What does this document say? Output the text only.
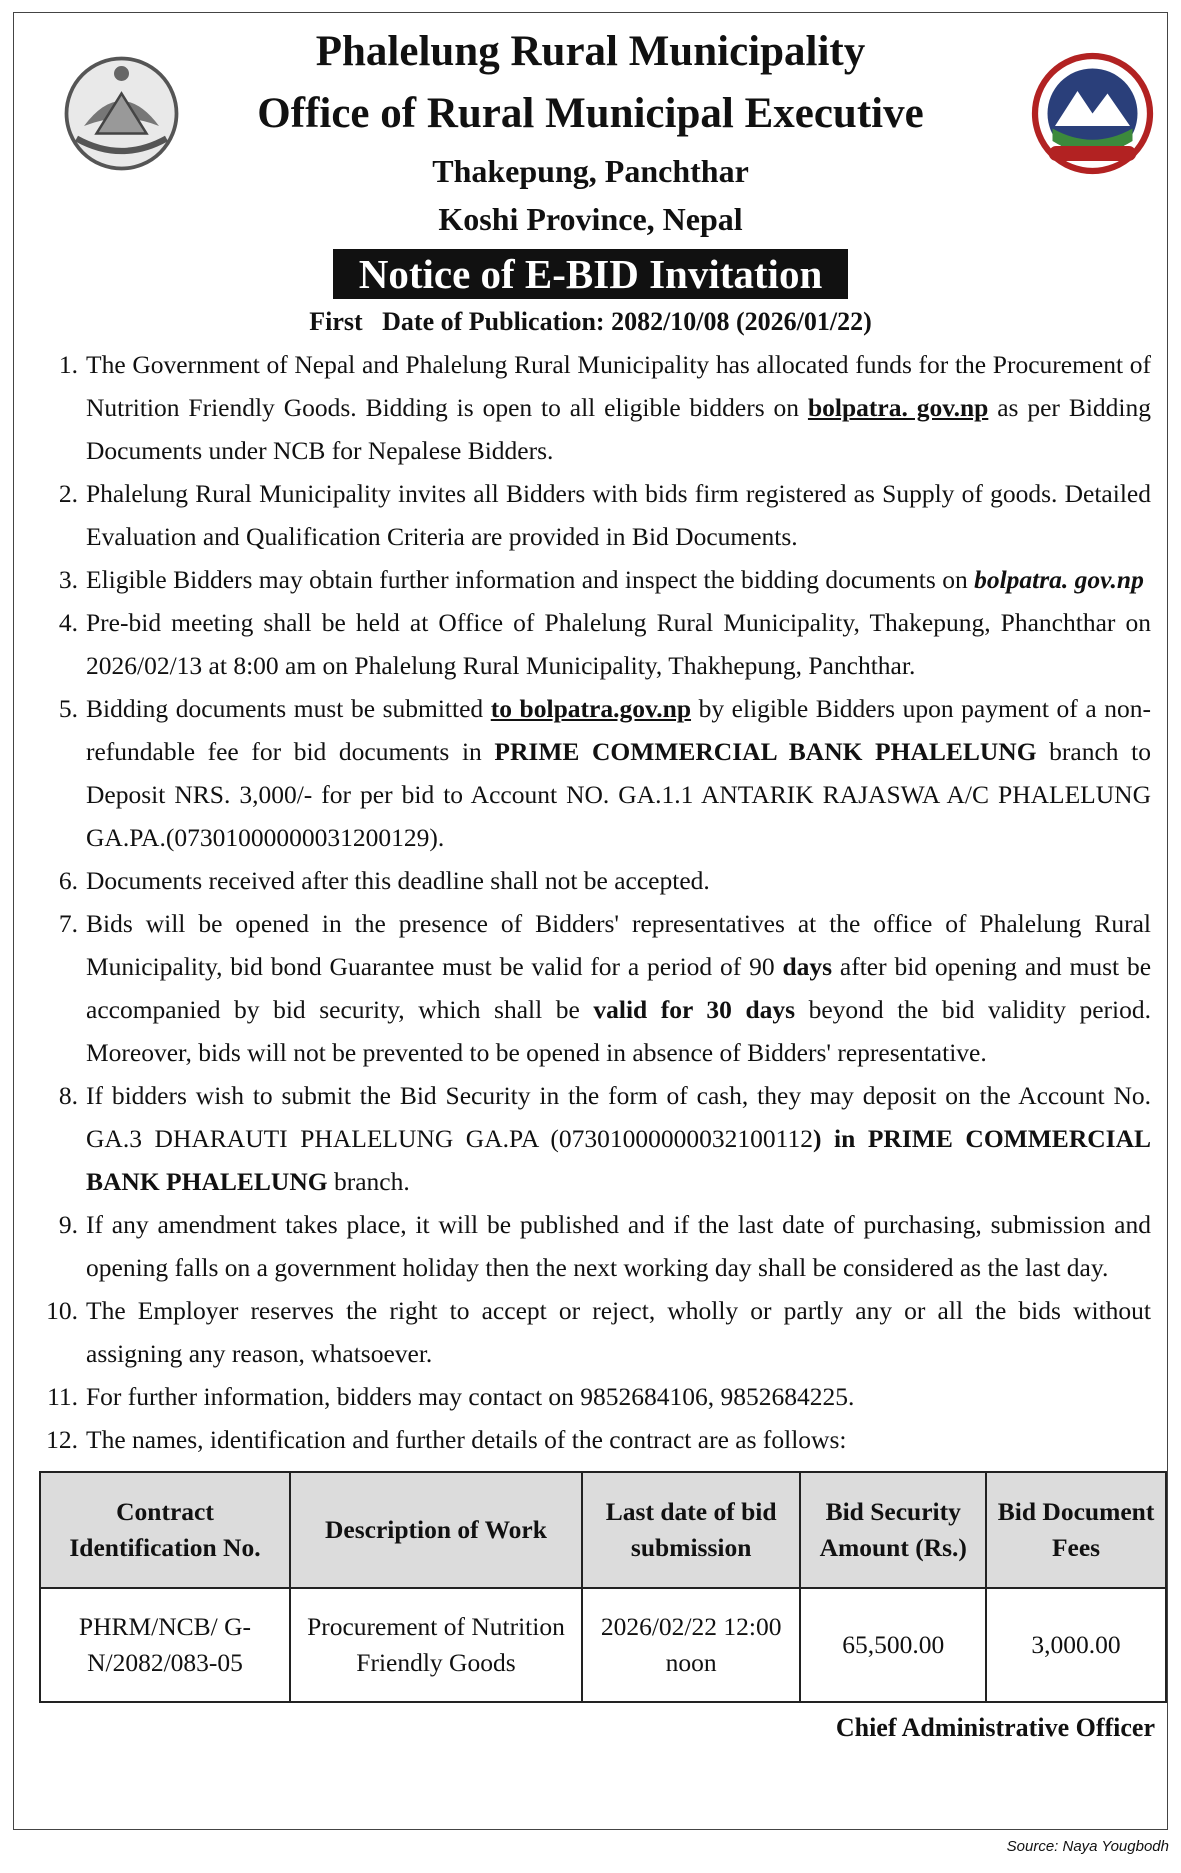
Phalelung Rural Municipality
Office of Rural Municipal Executive
Thakepung, Panchthar
Koshi Province, Nepal
Notice of E-BID Invitation
First   Date of Publication: 2082/10/08 (2026/01/22)
1. The Government of Nepal and Phalelung Rural Municipality has allocated funds for the Procurement of Nutrition Friendly Goods. Bidding is open to all eligible bidders on bolpatra. gov.np as per Bidding Documents under NCB for Nepalese Bidders.
2. Phalelung Rural Municipality invites all Bidders with bids firm registered as Supply of goods. Detailed Evaluation and Qualification Criteria are provided in Bid Documents.
3. Eligible Bidders may obtain further information and inspect the bidding documents on bolpatra. gov.np
4. Pre-bid meeting shall be held at Office of Phalelung Rural Municipality, Thakepung, Phanchthar on 2026/02/13 at 8:00 am on Phalelung Rural Municipality, Thakhepung, Panchthar.
5. Bidding documents must be submitted to bolpatra.gov.np by eligible Bidders upon payment of a non-refundable fee for bid documents in PRIME COMMERCIAL BANK PHALELUNG branch to Deposit NRS. 3,000/- for per bid to Account NO. GA.1.1 ANTARIK RAJASWA A/C PHALELUNG GA.PA.(07301000000031200129).
6. Documents received after this deadline shall not be accepted.
7. Bids will be opened in the presence of Bidders' representatives at the office of Phalelung Rural Municipality, bid bond Guarantee must be valid for a period of 90 days after bid opening and must be accompanied by bid security, which shall be valid for 30 days beyond the bid validity period. Moreover, bids will not be prevented to be opened in absence of Bidders' representative.
8. If bidders wish to submit the Bid Security in the form of cash, they may deposit on the Account No. GA.3 DHARAUTI PHALELUNG GA.PA (07301000000032100112) in PRIME COMMERCIAL BANK PHALELUNG branch.
9. If any amendment takes place, it will be published and if the last date of purchasing, submission and opening falls on a government holiday then the next working day shall be considered as the last day.
10. The Employer reserves the right to accept or reject, wholly or partly any or all the bids without assigning any reason, whatsoever.
11. For further information, bidders may contact on 9852684106, 9852684225.
12. The names, identification and further details of the contract are as follows:
Contract Identification No.	Description of Work	Last date of bid submission	Bid Security Amount (Rs.)	Bid Document Fees
PHRM/NCB/ G-N/2082/083-05	Procurement of Nutrition Friendly Goods	2026/02/22 12:00 noon	65,500.00	3,000.00
Chief Administrative Officer
Source: Naya Yougbodh
